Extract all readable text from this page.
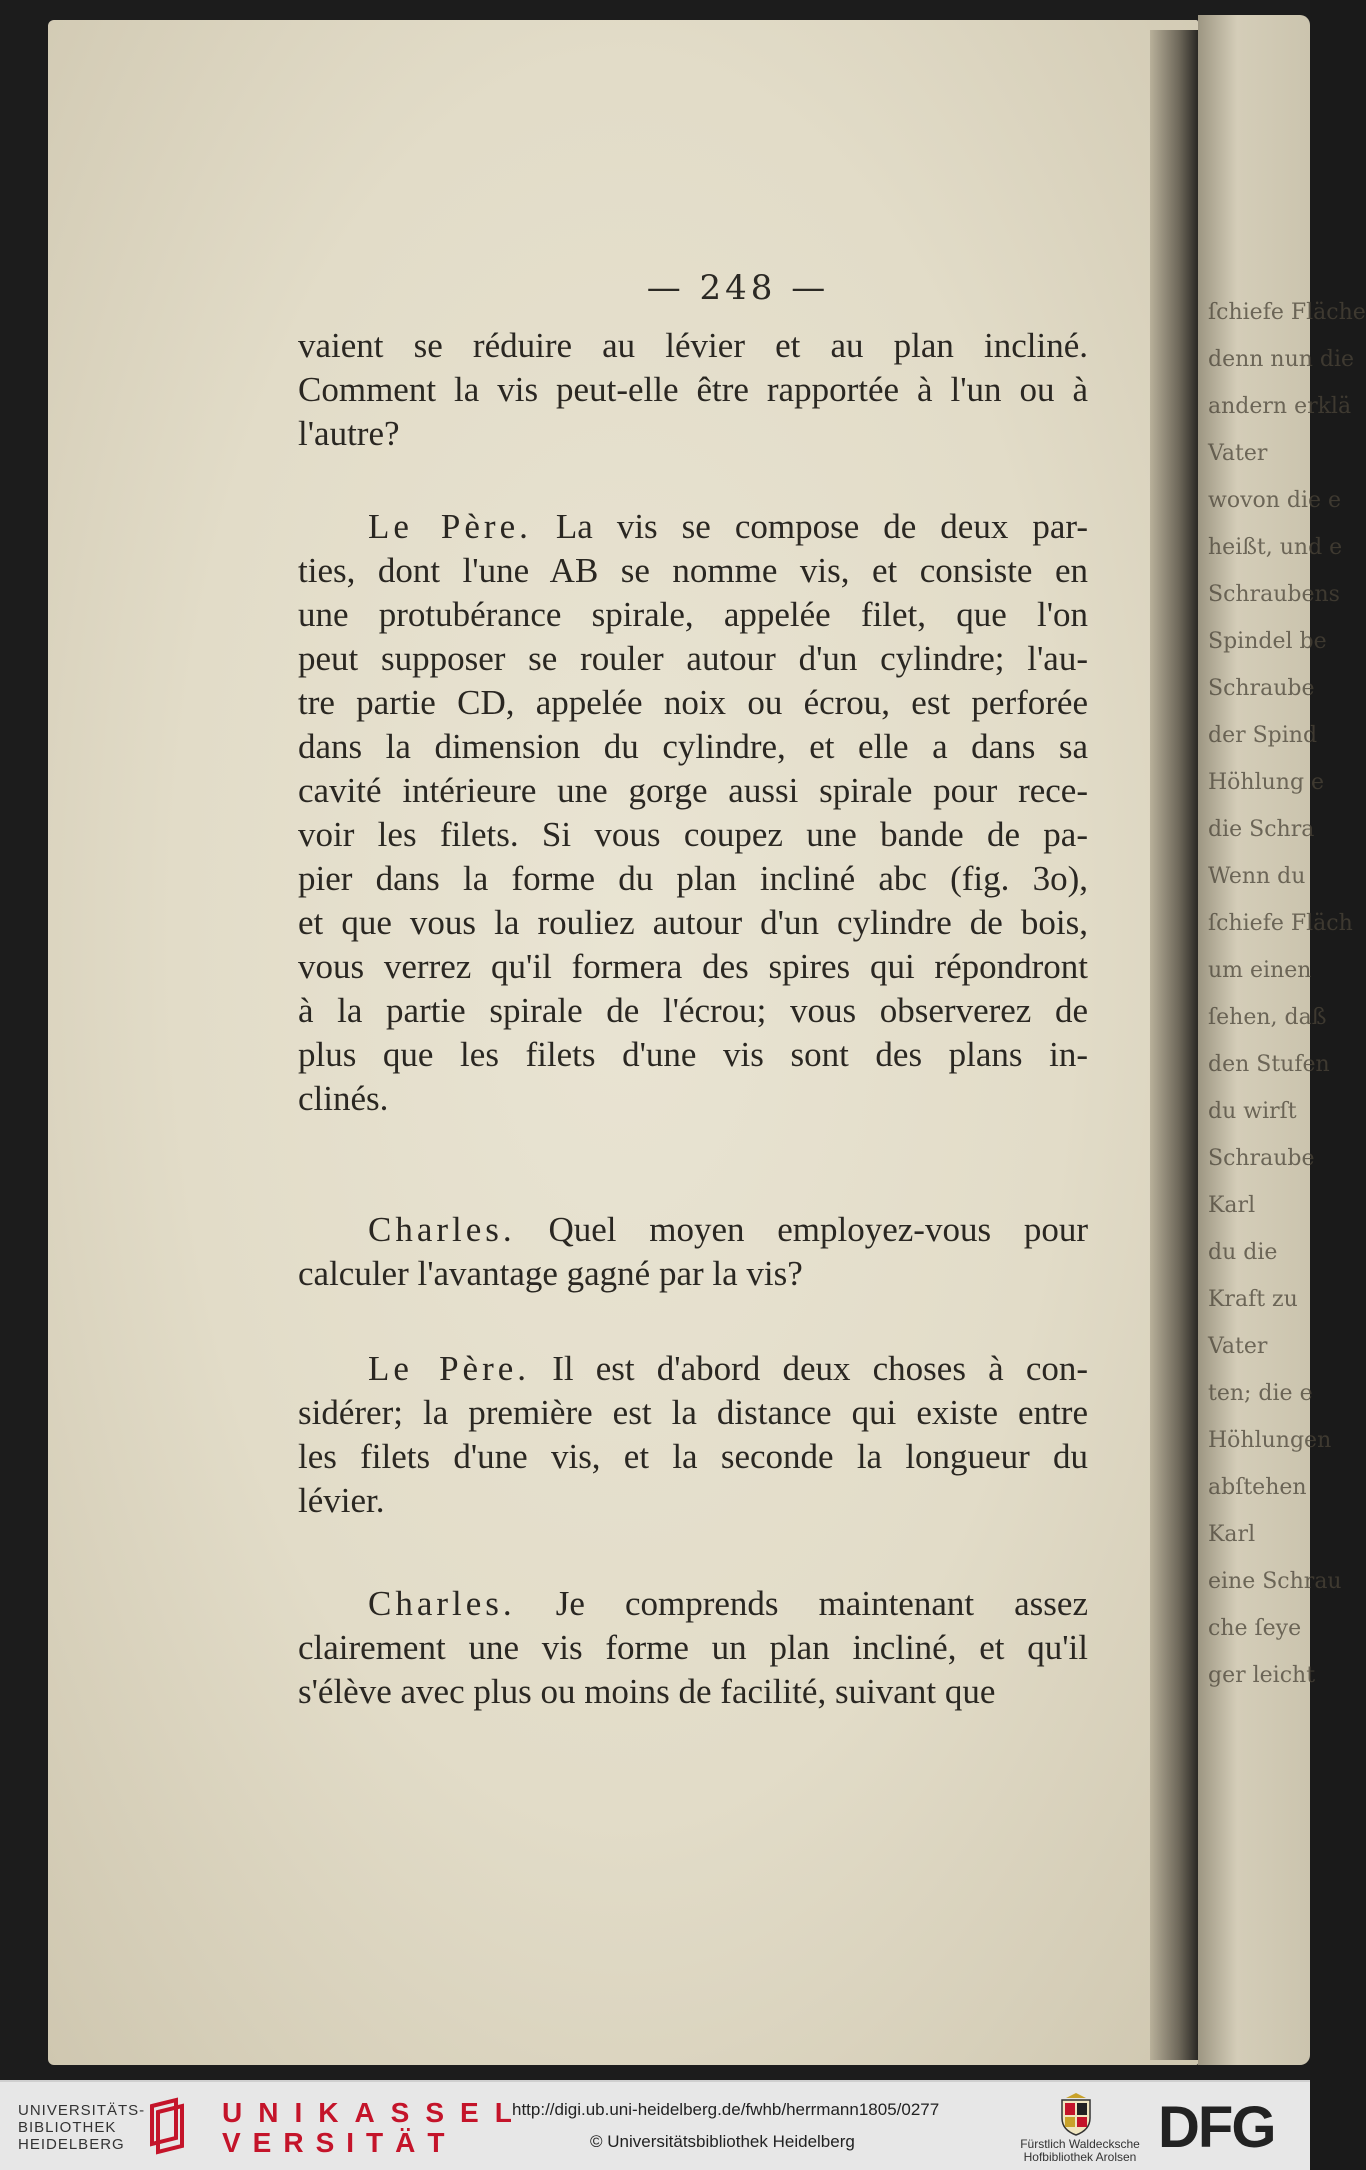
— 248 —
ſchiefe Fläche
denn nun die
andern erklä
Vater
wovon die e
heißt, und e
Schraubens
Spindel be
Schraube
der Spind
Höhlung e
die Schra
Wenn du
ſchiefe Fläch
um einen
ſehen, daß
den Stufen
du wirſt
Schraube
Karl
du die
Kraft zu
Vater
ten; die e
Höhlungen
abſtehen
Karl
eine Schrau
che ſeye
ger leicht
vaient se réduire au lévier et au plan incliné.
Comment la vis peut-elle être rapportée à l'un ou à
l'autre?
Le Père. La vis se compose de deux par-
ties, dont l'une AB se nomme vis, et consiste en
une protubérance spirale, appelée filet, que l'on
peut supposer se rouler autour d'un cylindre; l'au-
tre partie CD, appelée noix ou écrou, est perforée
dans la dimension du cylindre, et elle a dans sa
cavité intérieure une gorge aussi spirale pour rece-
voir les filets. Si vous coupez une bande de pa-
pier dans la forme du plan incliné abc (fig. 3o),
et que vous la rouliez autour d'un cylindre de bois,
vous verrez qu'il formera des spires qui répondront
à la partie spirale de l'écrou; vous observerez de
plus que les filets d'une vis sont des plans in-
clinés.
Charles. Quel moyen employez-vous pour
calculer l'avantage gagné par la vis?
Le Père. Il est d'abord deux choses à con-
sidérer; la première est la distance qui existe entre
les filets d'une vis, et la seconde la longueur du
lévier.
Charles. Je comprends maintenant assez
clairement une vis forme un plan incliné, et qu'il
s'élève avec plus ou moins de facilité, suivant que
UNIVERSITÄTS-
BIBLIOTHEK
HEIDELBERG
UNIKASSEL
VERSITÄT
http://digi.ub.uni-heidelberg.de/fwhb/herrmann1805/0277
© Universitätsbibliothek Heidelberg	Fürstlich Waldecksche
Hofbibliothek Arolsen DFG
